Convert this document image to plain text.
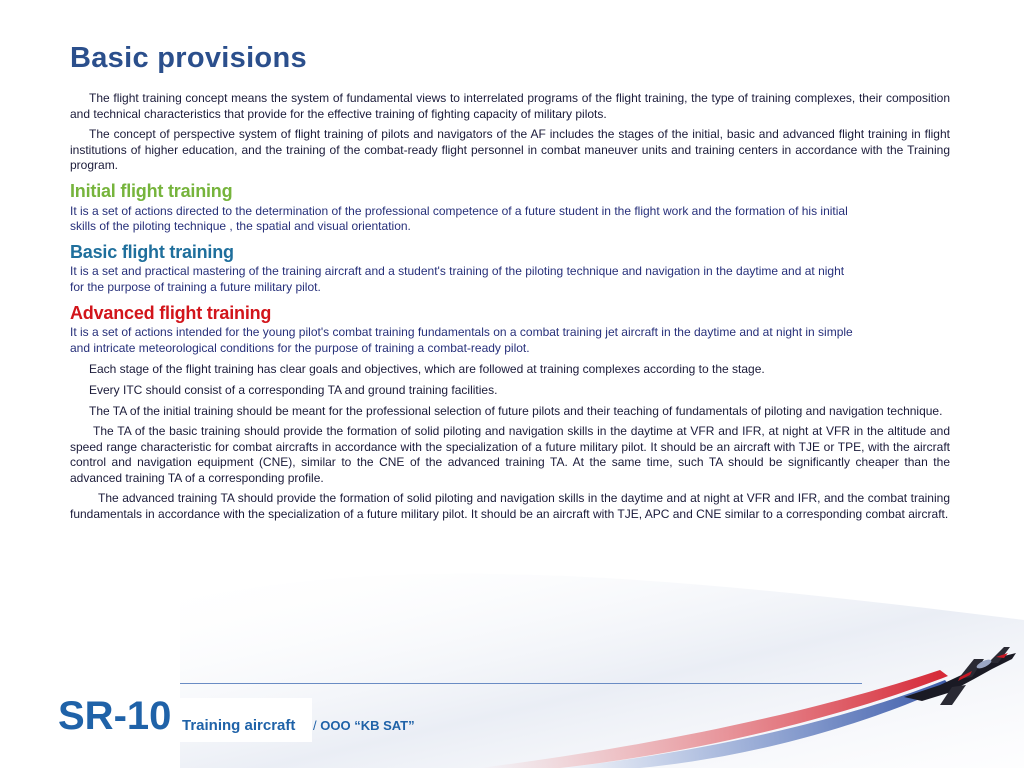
Basic provisions

The flight training concept means the system of fundamental views to interrelated programs of the flight training, the type of training complexes, their composition and technical characteristics that provide for the effective training of fighting capacity of military pilots.

The concept of perspective system of flight training of pilots and navigators of the AF includes the stages of the initial, basic and advanced flight training in flight institutions of higher education, and the training of the combat-ready flight personnel in combat maneuver units and training centers in accordance with the Training program.

Initial flight training

It is a set of actions directed to the determination of the professional competence of a future student in the flight work and the formation of his initial skills of the piloting technique , the spatial and visual orientation.

Basic flight training

It is a set and practical mastering of the training aircraft and a student's training of the piloting technique and navigation in the daytime and at night for the purpose of training a future military pilot.

Advanced flight training

It is a set of actions intended for the young pilot's combat training fundamentals on a combat training jet aircraft in the daytime and at night in simple and intricate meteorological conditions for the purpose of training a combat-ready pilot.

Each stage of the flight training has clear goals and objectives, which are followed at training complexes according to the stage.

Every ITC should consist of a corresponding TA and ground training facilities.

The TA of the initial training should be meant for the professional selection of future pilots and their teaching of fundamentals of piloting and navigation technique.

The TA of the basic training should provide the formation of solid piloting and navigation skills in the daytime at VFR and IFR, at night at VFR in the altitude and speed range characteristic for combat aircrafts in accordance with the specialization of a future military pilot. It should be an aircraft with TJE or TPE, with the aircraft control and navigation equipment (CNE), similar to the CNE of the advanced training TA. At the same time, such TA should be significantly cheaper than the advanced training TA of a corresponding profile.

The advanced training TA should provide the formation of solid piloting and navigation skills in the daytime and at night at VFR and IFR, and the combat training fundamentals in accordance with the specialization of a future military pilot. It should be an aircraft with TJE, APC and CNE similar to a corresponding combat aircraft.

SR-10 Training aircraft / OOO “KB SAT”
